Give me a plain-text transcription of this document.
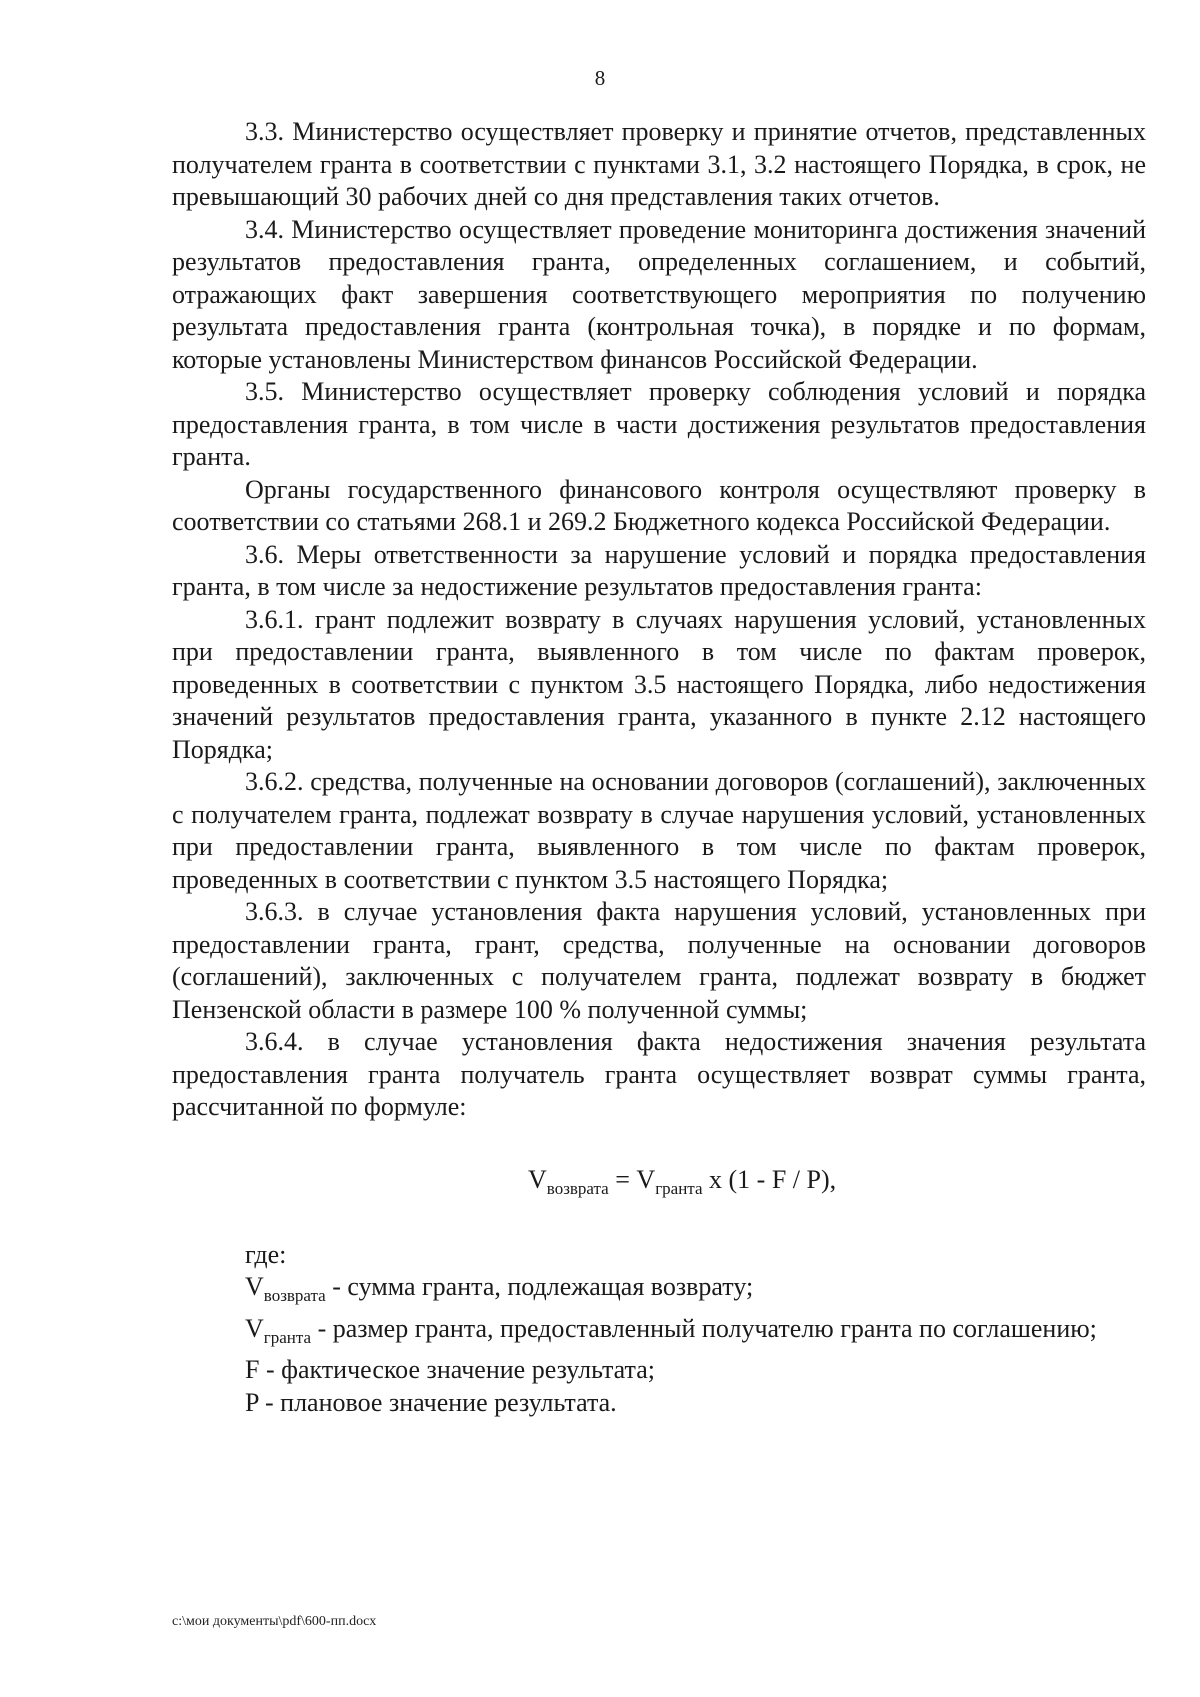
8

3.3. Министерство осуществляет проверку и принятие отчетов, представленных получателем гранта в соответствии с пунктами 3.1, 3.2 настоящего Порядка, в срок, не превышающий 30 рабочих дней со дня представления таких отчетов.

3.4. Министерство осуществляет проведение мониторинга достижения значений результатов предоставления гранта, определенных соглашением, и событий, отражающих факт завершения соответствующего мероприятия по получению результата предоставления гранта (контрольная точка), в порядке и по формам, которые установлены Министерством финансов Российской Федерации.

3.5. Министерство осуществляет проверку соблюдения условий и порядка предоставления гранта, в том числе в части достижения результатов предоставления гранта.

Органы государственного финансового контроля осуществляют проверку в соответствии со статьями 268.1 и 269.2 Бюджетного кодекса Российской Федерации.

3.6. Меры ответственности за нарушение условий и порядка предоставления гранта, в том числе за недостижение результатов предоставления гранта:

3.6.1. грант подлежит возврату в случаях нарушения условий, установленных при предоставлении гранта, выявленного в том числе по фактам проверок, проведенных в соответствии с пунктом 3.5 настоящего Порядка, либо недостижения значений результатов предоставления гранта, указанного в пункте 2.12 настоящего Порядка;

3.6.2. средства, полученные на основании договоров (соглашений), заключенных с получателем гранта, подлежат возврату в случае нарушения условий, установленных при предоставлении гранта, выявленного в том числе по фактам проверок, проведенных в соответствии с пунктом 3.5 настоящего Порядка;

3.6.3. в случае установления факта нарушения условий, установленных при предоставлении гранта, грант, средства, полученные на основании договоров (соглашений), заключенных с получателем гранта, подлежат возврату в бюджет Пензенской области в размере 100 % полученной суммы;

3.6.4. в случае установления факта недостижения значения результата предоставления гранта получатель гранта осуществляет возврат суммы гранта, рассчитанной по формуле:

$V_{возврата} = V_{гранта}$ x (1 - F / P),

где:

$V_{возврата}$ - сумма гранта, подлежащая возврату;

$V_{гранта}$ - размер гранта, предоставленный получателю гранта по соглашению;

F - фактическое значение результата;

P - плановое значение результата.

c:\мои документы\pdf\600-пп.docx
